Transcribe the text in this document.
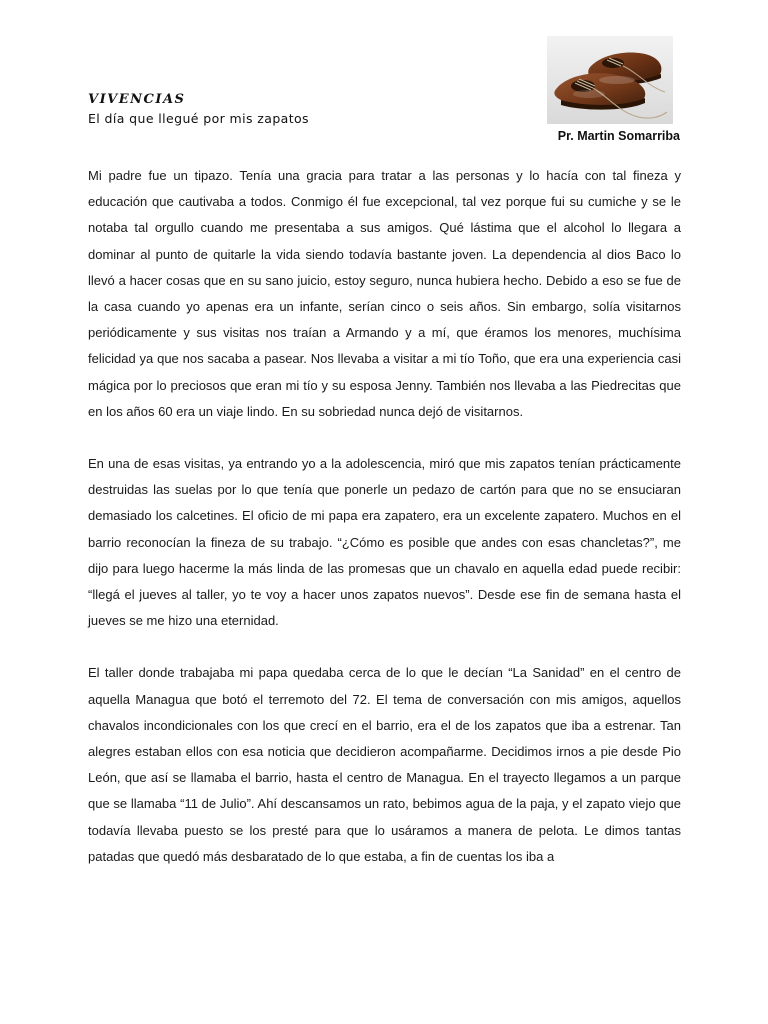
VIVENCIAS
El día que llegué por mis zapatos
Pr. Martin Somarriba

Mi padre fue un tipazo. Tenía una gracia para tratar a las personas y lo hacía con tal fineza y educación que cautivaba a todos. Conmigo él fue excepcional, tal vez porque fui su cumiche y se le notaba tal orgullo cuando me presentaba a sus amigos. Qué lástima que el alcohol lo llegara a dominar al punto de quitarle la vida siendo todavía bastante joven. La dependencia al dios Baco lo llevó a hacer cosas que en su sano juicio, estoy seguro, nunca hubiera hecho. Debido a eso se fue de la casa cuando yo apenas era un infante, serían cinco o seis años. Sin embargo, solía visitarnos periódicamente y sus visitas nos traían a Armando y a mí, que éramos los menores, muchísima felicidad ya que nos sacaba a pasear. Nos llevaba a visitar a mi tío Toño, que era una experiencia casi mágica por lo preciosos que eran mi tío y su esposa Jenny. También nos llevaba a las Piedrecitas que en los años 60 era un viaje lindo. En su sobriedad nunca dejó de visitarnos.

En una de esas visitas, ya entrando yo a la adolescencia, miró que mis zapatos tenían prácticamente destruidas las suelas por lo que tenía que ponerle un pedazo de cartón para que no se ensuciaran demasiado los calcetines. El oficio de mi papa era zapatero, era un excelente zapatero. Muchos en el barrio reconocían la fineza de su trabajo. “¿Cómo es posible que andes con esas chancletas?”, me dijo para luego hacerme la más linda de las promesas que un chavalo en aquella edad puede recibir: “llegá el jueves al taller, yo te voy a hacer unos zapatos nuevos”. Desde ese fin de semana hasta el jueves se me hizo una eternidad.

El taller donde trabajaba mi papa quedaba cerca de lo que le decían “La Sanidad” en el centro de aquella Managua que botó el terremoto del 72. El tema de conversación con mis amigos, aquellos chavalos incondicionales con los que crecí en el barrio, era el de los zapatos que iba a estrenar. Tan alegres estaban ellos con esa noticia que decidieron acompañarme. Decidimos irnos a pie desde Pio León, que así se llamaba el barrio, hasta el centro de Managua. En el trayecto llegamos a un parque que se llamaba “11 de Julio”. Ahí descansamos un rato, bebimos agua de la paja, y el zapato viejo que todavía llevaba puesto se los presté para que lo usáramos a manera de pelota. Le dimos tantas patadas que quedó más desbaratado de lo que estaba, a fin de cuentas los iba a
